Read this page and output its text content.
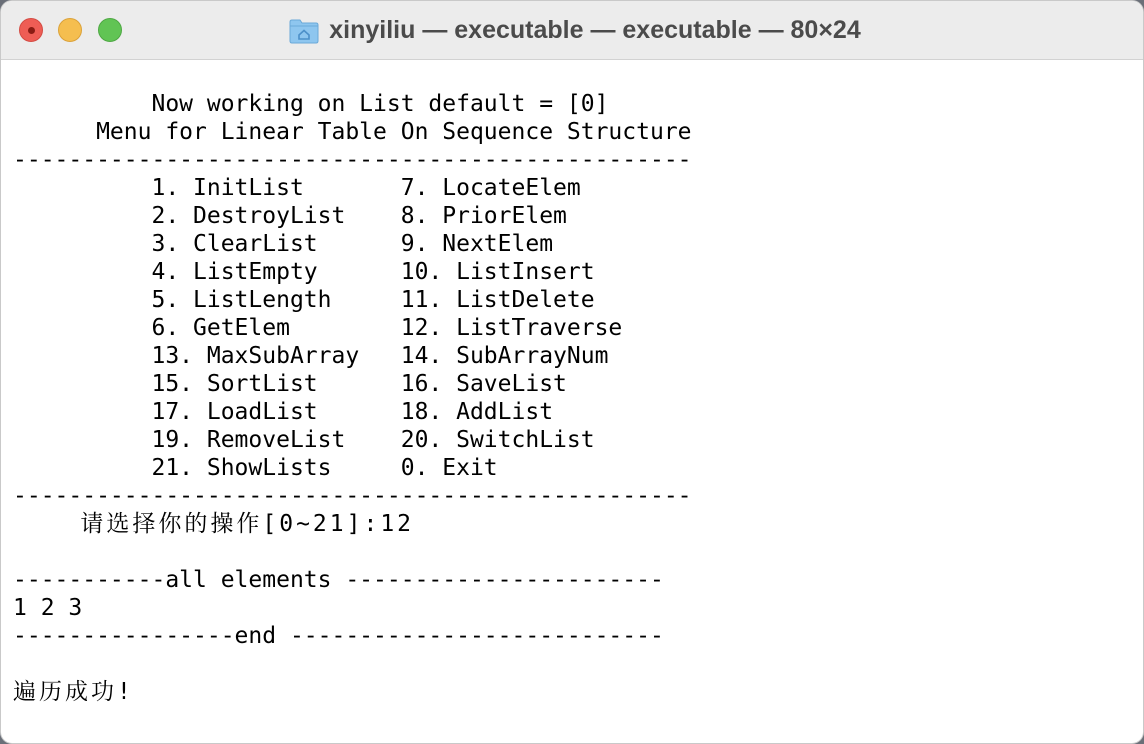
xinyiliu — executable — executable — 80×24
Now working on List default = [0]
Menu for Linear Table On Sequence Structure
-------------------------------------------------
1. InitList       7. LocateElem
2. DestroyList    8. PriorElem
3. ClearList      9. NextElem
4. ListEmpty      10. ListInsert
5. ListLength     11. ListDelete
6. GetElem        12. ListTraverse
13. MaxSubArray   14. SubArrayNum
15. SortList      16. SaveList
17. LoadList      18. AddList
19. RemoveList    20. SwitchList
21. ShowLists     0. Exit
-------------------------------------------------
请选择你的操作[0~21]:12
-----------all elements -----------------------
1 2 3
----------------end ---------------------------
遍历成功!
